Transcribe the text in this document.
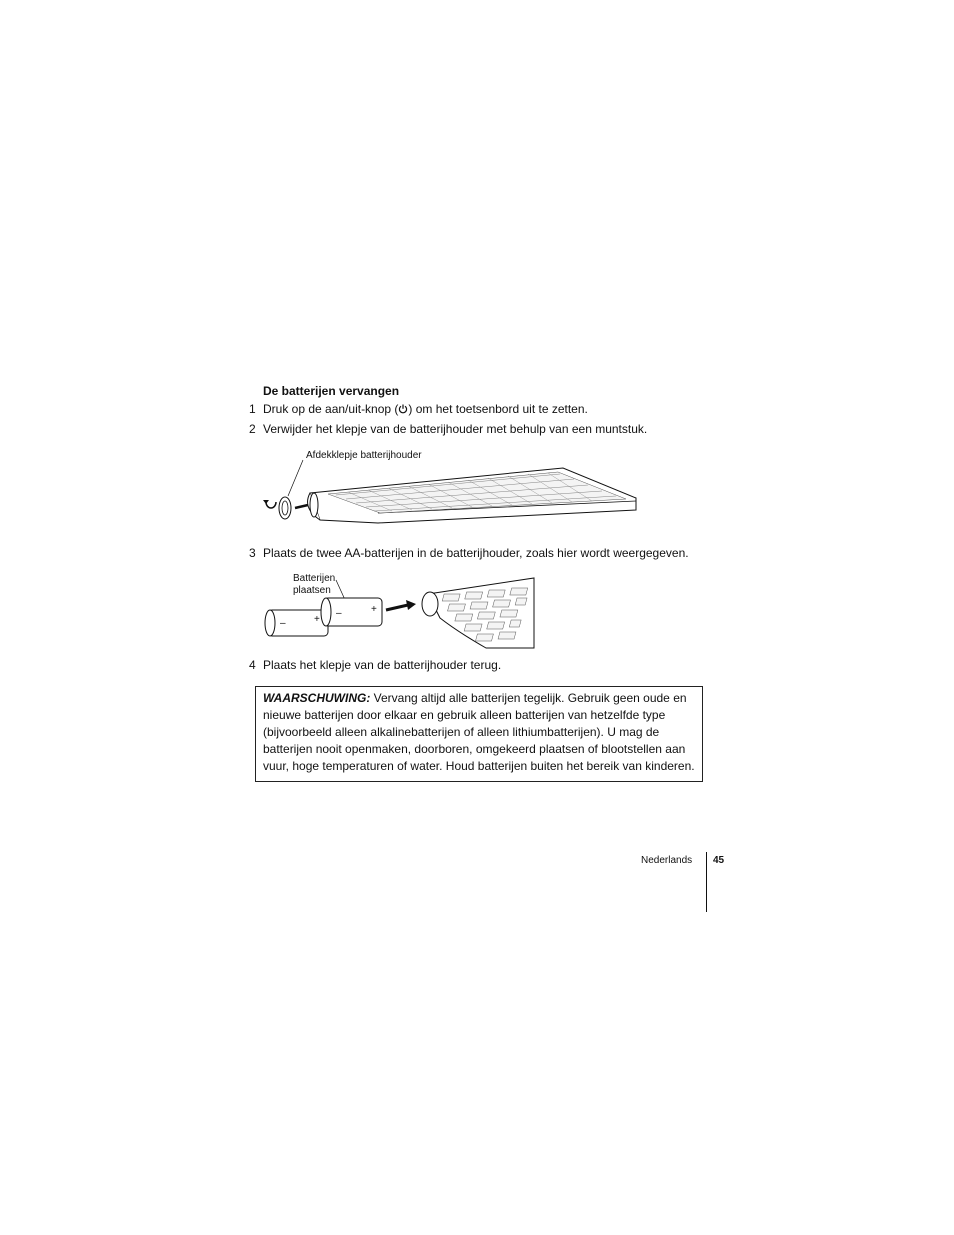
De batterijen vervangen
1 Druk op de aan/uit-knop ( ) om het toetsenbord uit te zetten.
2 Verwijder het klepje van de batterijhouder met behulp van een muntstuk.
Afdekklepje batterijhouder
3 Plaats de twee AA-batterijen in de batterijhouder, zoals hier wordt weergegeven.
Batterijen
plaatsen
–	+
–	+
4 Plaats het klepje van de batterijhouder terug.
WAARSCHUWING: Vervang altijd alle batterijen tegelijk. Gebruik geen oude en nieuwe batterijen door elkaar en gebruik alleen batterijen van hetzelfde type (bijvoorbeeld alleen alkalinebatterijen of alleen lithiumbatterijen). U mag de batterijen nooit openmaken, doorboren, omgekeerd plaatsen of blootstellen aan vuur, hoge temperaturen of water. Houd batterijen buiten het bereik van kinderen.
Nederlands 45
